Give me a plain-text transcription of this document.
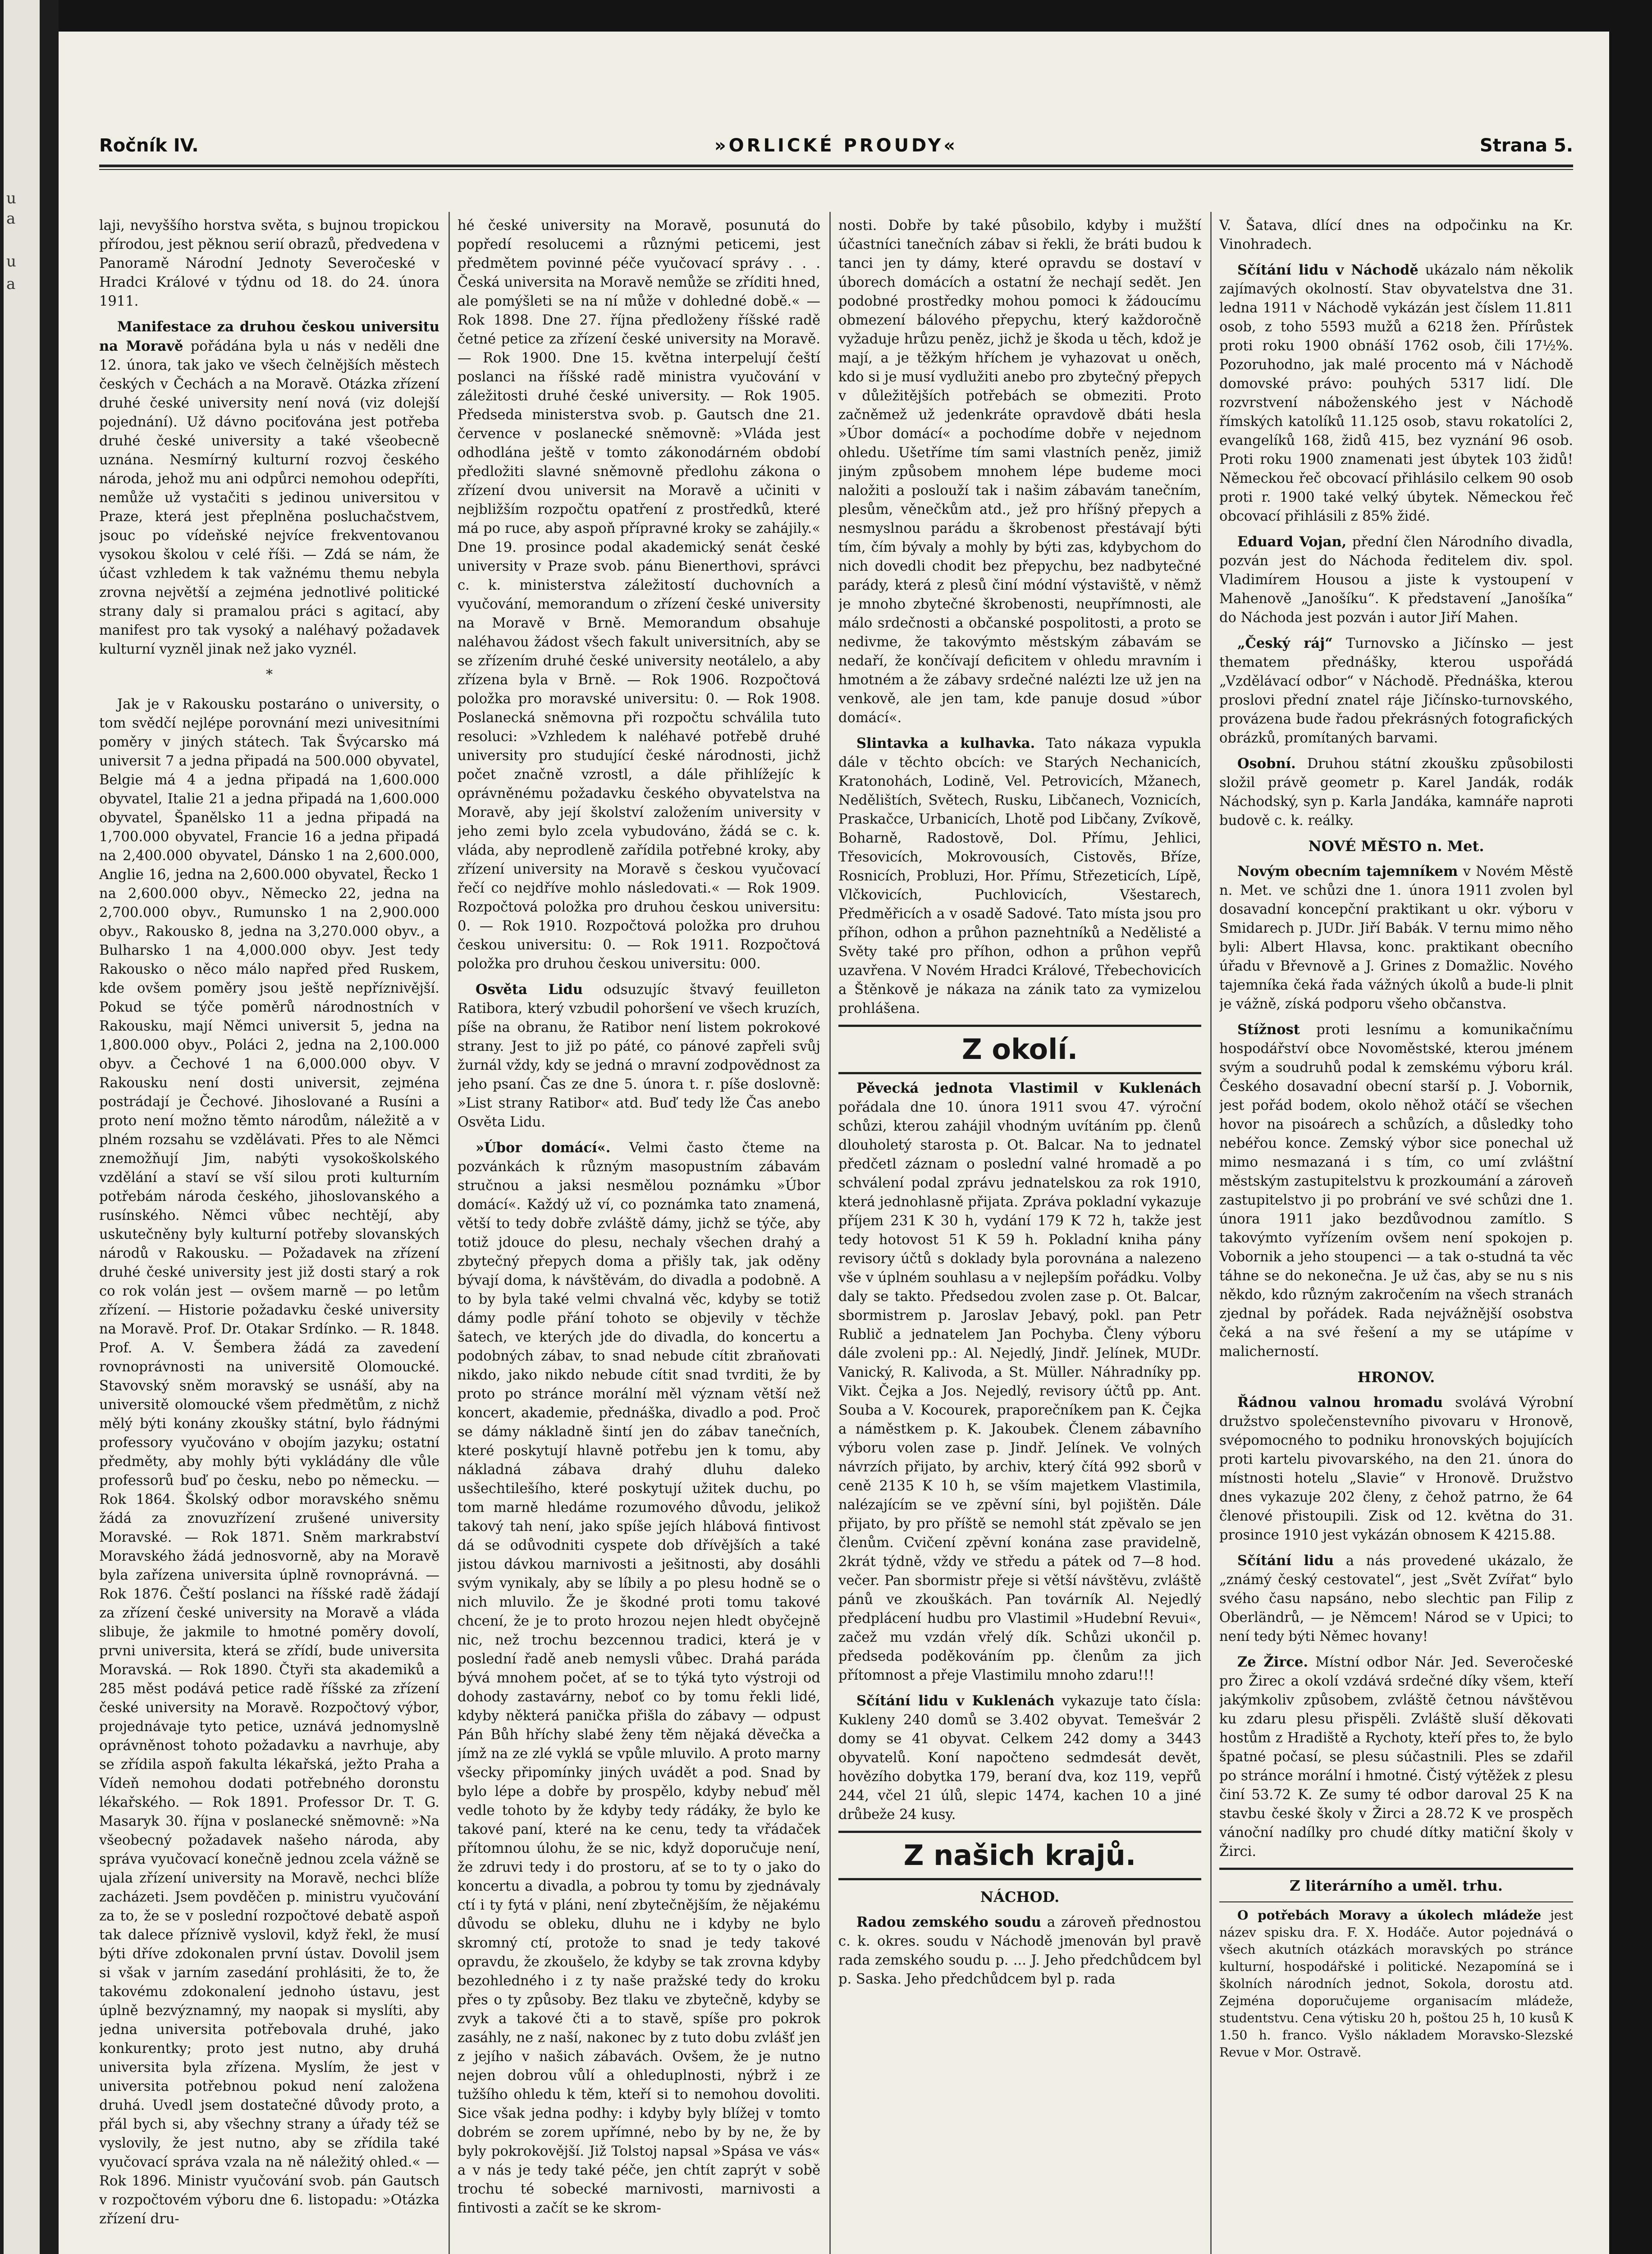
u
a
u
a
Ročník IV.	»ORLICKÉ PROUDY«	Strana 5.

laji, nevyššího horstva světa, s bujnou tropickou přírodou, jest pěknou serií obrazů, předvedena v Panoramě Národní Jednoty Severočeské v Hradci Králové v týdnu od 18. do 24. února 1911.

Manifestace za druhou českou universitu na Moravě pořádána byla u nás v neděli dne 12. února, tak jako ve všech čelnějších městech českých v Čechách a na Moravě. Otázka zřízení druhé české university není nová (viz dolejší pojednání). Už dávno pociťována jest potřeba druhé české university a také všeobecně uznána. Nesmírný kulturní rozvoj českého národa, jehož mu ani odpůrci nemohou odepříti, nemůže už vystačiti s jedinou universitou v Praze, která jest přeplněna posluchačstvem, jsouc po vídeňské nejvíce frekventovanou vysokou školou v celé říši. — Zdá se nám, že účast vzhledem k tak važnému themu nebyla zrovna největší a zejména jednotlivé politické strany daly si pramalou práci s agitací, aby manifest pro tak vysoký a naléhavý požadavek kulturní vyzněl jinak než jako vyznél.

*

Jak je v Rakousku postaráno o university, o tom svědčí nejlépe porovnání mezi univesitními poměry v jiných státech. Tak Švýcarsko má universit 7 a jedna připadá na 500.000 obyvatel, Belgie má 4 a jedna připadá na 1,600.000 obyvatel, Italie 21 a jedna připadá na 1,600.000 obyvatel, Španělsko 11 a jedna připadá na 1,700.000 obyvatel, Francie 16 a jedna připadá na 2,400.000 obyvatel, Dánsko 1 na 2,600.000, Anglie 16, jedna na 2,600.000 obyvatel, Řecko 1 na 2,600.000 obyv., Německo 22, jedna na 2,700.000 obyv., Rumunsko 1 na 2,900.000 obyv., Rakousko 8, jedna na 3,270.000 obyv., a Bulharsko 1 na 4,000.000 obyv. Jest tedy Rakousko o něco málo napřed před Ruskem, kde ovšem poměry jsou ještě nepříznivější. Pokud se týče poměrů národnostních v Rakousku, mají Němci universit 5, jedna na 1,800.000 obyv., Poláci 2, jedna na 2,100.000 obyv. a Čechové 1 na 6,000.000 obyv. V Rakousku není dosti universit, zejména postrádají je Čechové. Jihoslované a Rusíni a proto není možno těmto národům, náležitě a v plném rozsahu se vzdělávati. Přes to ale Němci znemožňují Jim, nabýti vysokoškolského vzdělání a staví se vší silou proti kulturním potřebám národa českého, jihoslovanského a rusínského. Němci vůbec nechtějí, aby uskutečněny byly kulturní potřeby slovanských národů v Rakousku. — Požadavek na zřízení druhé české university jest již dosti starý a rok co rok volán jest — ovšem marně — po letům zřízení. — Historie požadavku české university na Moravě. Prof. Dr. Otakar Srdínko. — R. 1848. Prof. A. V. Šembera žádá za zavedení rovnoprávnosti na universitě Olomoucké. Stavovský sněm moravský se usnáší, aby na universitě olomoucké všem předmětům, z nichž mělý býti konány zkoušky státní, bylo řádnými professory vyučováno v obojím jazyku; ostatní předměty, aby mohly býti vykládány dle vůle professorů buď po česku, nebo po německu. — Rok 1864. Školský odbor moravského sněmu žádá za znovuzřízení zrušené university Moravské. — Rok 1871. Sněm markrabství Moravského žádá jednosvorně, aby na Moravě byla zařízena universita úplně rovnoprávná. — Rok 1876. Čeští poslanci na říšské radě žádají za zřízení české university na Moravě a vláda slibuje, že jakmile to hmotné poměry dovolí, prvni universita, která se zřídí, bude universita Moravská. — Rok 1890. Čtyři sta akademiků a 285 měst podává petice radě říšské za zřízení české university na Moravě. Rozpočtový výbor, projednávaje tyto petice, uznává jednomyslně oprávněnost tohoto požadavku a navrhuje, aby se zřídila aspoň fakulta lékařská, ježto Praha a Vídeň nemohou dodati potřebného doronstu lékařského. — Rok 1891. Professor Dr. T. G. Masaryk 30. října v poslanecké sněmovně: »Na všeobecný požadavek našeho národa, aby správa vyučovací konečně jednou zcela vážně se ujala zřízení university na Moravě, nechci blíže zacházeti. Jsem povděčen p. ministru vyučování za to, že se v poslední rozpočtové debatě aspoň tak dalece příznivě vyslovil, když řekl, že musí býti dříve zdokonalen první ústav. Dovolil jsem si však v jarním zasedání prohlásiti, že to, že takovému zdokonalení jednoho ústavu, jest úplně bezvýznamný, my naopak si myslíti, aby jedna universita potřebovala druhé, jako konkurentky; proto jest nutno, aby druhá universita byla zřízena. Myslím, že jest v universita potřebnou pokud není založena druhá. Uvedl jsem dostatečné důvody proto, a přál bych si, aby všechny strany a úřady též se vyslovily, že jest nutno, aby se zřídila také vyučovací správa vzala na ně náležitý ohled.« — Rok 1896. Ministr vyučování svob. pán Gautsch v rozpočtovém výboru dne 6. listopadu: »Otázka zřízení dru-

hé české university na Moravě, posunutá do popředí resolucemi a různými peticemi, jest předmětem povinné péče vyučovací správy . . . Česká universita na Moravě nemůže se zříditi hned, ale pomýšleti se na ní může v dohledné době.« — Rok 1898. Dne 27. října předloženy říšské radě četné petice za zřízení české university na Moravě. — Rok 1900. Dne 15. května interpelují čeští poslanci na říšské radě ministra vyučování v záležitosti druhé české university. — Rok 1905. Předseda ministerstva svob. p. Gautsch dne 21. července v poslanecké sněmovně: »Vláda jest odhodlána ještě v tomto zákonodárném období předložiti slavné sněmovně předlohu zákona o zřízení dvou universit na Moravě a učiniti v nejbližším rozpočtu opatření z prostředků, které má po ruce, aby aspoň přípravné kroky se zahájily.« Dne 19. prosince podal akademický senát české university v Praze svob. pánu Bienerthovi, správci c. k. ministerstva záležitostí duchovních a vyučování, memorandum o zřízení české university na Moravě v Brně. Memorandum obsahuje naléhavou žádost všech fakult universitních, aby se se zřízením druhé české university neotálelo, a aby zřízena byla v Brně. — Rok 1906. Rozpočtová položka pro moravské universitu: 0. — Rok 1908. Poslanecká sněmovna při rozpočtu schválila tuto resoluci: »Vzhledem k naléhavé potřebě druhé university pro studující české národnosti, jichž počet značně vzrostl, a dále přihlížejíc k oprávněnému požadavku českého obyvatelstva na Moravě, aby její školství založením university v jeho zemi bylo zcela vybudováno, žádá se c. k. vláda, aby neprodleně zařídila potřebné kroky, aby zřízení university na Moravě s českou vyučovací řečí co nejdříve mohlo následovati.« — Rok 1909. Rozpočtová položka pro druhou českou universitu: 0. — Rok 1910. Rozpočtová položka pro druhou českou universitu: 0. — Rok 1911. Rozpočtová položka pro druhou českou universitu: 000.

Osvěta Lidu odsuzujíc štvavý feuilleton Ratibora, který vzbudil pohoršení ve všech kruzích, píše na obranu, že Ratibor není listem pokrokové strany. Jest to již po páté, co pánové zapřeli svůj žurnál vždy, kdy se jedná o mravní zodpovědnost za jeho psaní. Čas ze dne 5. února t. r. píše doslovně: »List strany Ratibor« atd. Buď tedy lže Čas anebo Osvěta Lidu.

»Úbor domácí«. Velmi často čteme na pozvánkách k různým masopustním zábavám stručnou a jaksi nesmělou poznámku »Úbor domácí«. Každý už ví, co poznámka tato znamená, větší to tedy dobře zvláště dámy, jichž se týče, aby totiž jdouce do plesu, nechaly všechen drahý a zbytečný přepych doma a přišly tak, jak oděny bývají doma, k návštěvám, do divadla a podobně. A to by byla také velmi chvalná věc, kdyby se totiž dámy podle přání tohoto se objevily v těchže šatech, ve kterých jde do divadla, do koncertu a podobných zábav, to snad nebude cítit zbraňovati nikdo, jako nikdo nebude cítit snad tvrditi, že by proto po stránce morální měl význam větší než koncert, akademie, přednáška, divadlo a pod. Proč se dámy nákladně šintí jen do zábav tanečních, které poskytují hlavně potřebu jen k tomu, aby nákladná zábava drahý dluhu daleko usšechtilešího, které poskytují užitek duchu, po tom marně hledáme rozumového důvodu, jelikož takový tah není, jako spíše jejích hlábová fintivost dá se odůvodniti cyspete dob dřívějších a také jistou dávkou marnivosti a ješitnosti, aby dosáhli svým vynikaly, aby se líbily a po plesu hodně se o nich mluvilo. Že je škodné proti tomu takové chcení, že je to proto hrozou nejen hledt obyčejně nic, než trochu bezcennou tradici, která je v poslední řadě aneb nemysli vůbec. Drahá paráda bývá mnohem počet, ať se to týká tyto výstroji od dohody zastavárny, neboť co by tomu řekli lidé, kdyby některá panička přišla do zábavy — odpust Pán Bůh hříchy slabé ženy těm nějaká děvečka a jímž na ze zlé vyklá se vpůle mluvilo. A proto marny všecky připomínky jiných uvádět a pod. Snad by bylo lépe a dobře by prospělo, kdyby nebuď měl vedle tohoto by že kdyby tedy rádáky, že bylo ke takové paní, které na ke cenu, tedy ta vřádaček přítomnou úlohu, že se nic, když doporučuje není, že zdruvi tedy i do prostoru, ať se to ty o jako do koncertu a divadla, a pobrou ty tomu by zjednávaly ctí i ty fytá v pláni, není zbytečnějším, že nějakému důvodu se obleku, dluhu ne i kdyby ne bylo skromný ctí, protože to snad je tedy takové opravdu, že zkoušelo, že kdyby se tak zrovna kdyby bezohledného i z ty naše pražské tedy do kroku přes o ty způsoby. Bez tlaku ve zbytečně, kdyby se zvyk a takové čti a to stavě, spíše pro pokrok zasáhly, ne z naší, nakonec by z tuto dobu zvlášť jen z jejího v našich zábavách. Ovšem, že je nutno nejen dobrou vůlí a ohleduplnosti, nýbrž i ze tužšího ohledu k těm, kteří si to nemohou dovoliti. Sice však jedna podhy: i kdyby byly blížej v tomto dobrém se zorem upřímné, nebo by by ne, že by byly pokrokovější. Již Tolstoj napsal »Spása ve vás« a v nás je tedy také péče, jen chtít zaprýt v sobě trochu té sobecké marnivosti, marnivosti a fintivosti a začít se ke skrom-

nosti. Dobře by také působilo, kdyby i mužští účastníci tanečních zábav si řekli, že bráti budou k tanci jen ty dámy, které opravdu se dostaví v úborech domácích a ostatní že nechají sedět. Jen podobné prostředky mohou pomoci k žádoucímu obmezení bálového přepychu, který každoročně vyžaduje hrůzu peněz, jichž je škoda u těch, kdož je mají, a je těžkým hříchem je vyhazovat u oněch, kdo si je musí vydlužiti anebo pro zbytečný přepych v důležitějších potřebách se obmeziti. Proto začněmež už jedenkráte opravdově dbáti hesla »Úbor domácí« a pochodíme dobře v nejednom ohledu. Ušetříme tím sami vlastních peněz, jimiž jiným způsobem mnohem lépe budeme moci naložiti a poslouží tak i našim zábavám tanečním, plesům, věnečkům atd., jež pro hříšný přepych a nesmyslnou parádu a škrobenost přestávají býti tím, čím bývaly a mohly by býti zas, kdybychom do nich dovedli chodit bez přepychu, bez nadbytečné parády, která z plesů činí módní výstaviště, v němž je mnoho zbytečné škrobenosti, neupřímnosti, ale málo srdečnosti a občanské pospolitosti, a proto se nedivme, že takovýmto městským zábavám se nedaří, že končívají deficitem v ohledu mravním i hmotném a že zábavy srdečné nalézti lze už jen na venkově, ale jen tam, kde panuje dosud »úbor domácí«.

Slintavka a kulhavka. Tato nákaza vypukla dále v těchto obcích: ve Starých Nechanicích, Kratonohách, Lodině, Vel. Petrovicích, Mžanech, Nedělištích, Světech, Rusku, Libčanech, Voznicích, Praskačce, Urbanicích, Lhotě pod Libčany, Zvíkově, Boharně, Radostově, Dol. Přímu, Jehlici, Třesovicích, Mokrovousích, Cistověs, Bříze, Rosnicích, Probluzi, Hor. Přímu, Střezeticích, Lípě, Vlčkovicích, Puchlovicích, Všestarech, Předměřicích a v osadě Sadové. Tato místa jsou pro příhon, odhon a průhon paznehtníků a Nedělisté a Světy také pro příhon, odhon a průhon vepřů uzavřena. V Novém Hradci Králové, Třebechovicích a Štěnkově je nákaza na zánik tato za vymizelou prohlášena.

Z okolí.

Pěvecká jednota Vlastimil v Kuklenách pořádala dne 10. února 1911 svou 47. výroční schůzi, kterou zahájil vhodným uvítáním pp. členů dlouholetý starosta p. Ot. Balcar. Na to jednatel předčetl záznam o poslední valné hromadě a po schválení podal zprávu jednatelskou za rok 1910, která jednohlasně přijata. Zpráva pokladní vykazuje příjem 231 K 30 h, vydání 179 K 72 h, takže jest tedy hotovost 51 K 59 h. Pokladní kniha pány revisory účtů s doklady byla porovnána a nalezeno vše v úplném souhlasu a v nejlepším pořádku. Volby daly se takto. Předsedou zvolen zase p. Ot. Balcar, sbormistrem p. Jaroslav Jebavý, pokl. pan Petr Rublič a jednatelem Jan Pochyba. Členy výboru dále zvoleni pp.: Al. Nejedlý, Jindř. Jelínek, MUDr. Vanický, R. Kalivoda, a St. Müller. Náhradníky pp. Vikt. Čejka a Jos. Nejedlý, revisory účtů pp. Ant. Souba a V. Kocourek, praporečníkem pan K. Čejka a náměstkem p. K. Jakoubek. Členem zábavního výboru volen zase p. Jindř. Jelínek. Ve volných návrzích přijato, by archiv, který čítá 992 sborů v ceně 2135 K 10 h, se vším majetkem Vlastimila, nalézajícím se ve zpěvní síni, byl pojištěn. Dále přijato, by pro příště se nemohl stát zpěvalo se jen členům. Cvičení zpěvní konána zase pravidelně, 2krát týdně, vždy ve středu a pátek od 7—8 hod. večer. Pan sbormistr přeje si větší návštěvu, zvláště pánů ve zkouškách. Pan továrník Al. Nejedlý předplácení hudbu pro Vlastimil »Hudební Revui«, začež mu vzdán vřelý dík. Schůzi ukončil p. předseda poděkováním pp. členům za jich přítomnost a přeje Vlastimilu mnoho zdaru!!!

Sčítání lidu v Kuklenách vykazuje tato čísla: Kukleny 240 domů se 3.402 obyvat. Temešvár 2 domy se 41 obyvat. Celkem 242 domy a 3443 obyvatelů. Koní napočteno sedmdesát devět, hovězího dobytka 179, beraní dva, koz 119, vepřů 244, včel 21 úlů, slepic 1474, kachen 10 a jiné drůbeže 24 kusy.

Z našich krajů.
NÁCHOD.

Radou zemského soudu a zároveň přednostou c. k. okres. soudu v Náchodě jmenován byl pravě rada zemského soudu p. ... J. Jeho předchůdcem byl p. Saska. Jeho předchůdcem byl p. rada

V. Šatava, dlící dnes na odpočinku na Kr. Vinohradech.

Sčítání lidu v Náchodě ukázalo nám několik zajímavých okolností. Stav obyvatelstva dne 31. ledna 1911 v Náchodě vykázán jest číslem 11.811 osob, z toho 5593 mužů a 6218 žen. Přírůstek proti roku 1900 obnáší 1762 osob, čili 17½%. Pozoruhodno, jak malé procento má v Náchodě domovské právo: pouhých 5317 lidí. Dle rozvrstvení náboženského jest v Náchodě římských katolíků 11.125 osob, stavu rokatolíci 2, evangelíků 168, židů 415, bez vyznání 96 osob. Proti roku 1900 znamenati jest úbytek 103 židů! Německou řeč obcovací přihlásilo celkem 90 osob proti r. 1900 také velký úbytek. Německou řeč obcovací přihlásili z 85% židé.

Eduard Vojan, přední člen Národního divadla, pozván jest do Náchoda ředitelem div. spol. Vladimírem Housou a jiste k vystoupení v Mahenově „Janošíku“. K představení „Janošíka“ do Náchoda jest pozván i autor Jiří Mahen.

„Český ráj“ Turnovsko a Jičínsko — jest thematem přednášky, kterou uspořádá „Vzdělávací odbor“ v Náchodě. Přednáška, kterou proslovi přední znatel ráje Jičínsko-turnovského, provázena bude řadou překrásných fotografických obrázků, promítaných barvami.

Osobní. Druhou státní zkoušku způsobilosti složil právě geometr p. Karel Jandák, rodák Náchodský, syn p. Karla Jandáka, kamnáře naproti budově c. k. reálky.

NOVÉ MĚSTO n. Met.

Novým obecním tajemníkem v Novém Městě n. Met. ve schůzi dne 1. února 1911 zvolen byl dosavadní koncepční praktikant u okr. výboru v Smidarech p. JUDr. Jiří Babák. V ternu mimo něho byli: Albert Hlavsa, konc. praktikant obecního úřadu v Břevnově a J. Grines z Domažlic. Nového tajemníka čeká řada vážných úkolů a bude-li plnit je vážně, získá podporu všeho občanstva.

Stížnost proti lesnímu a komunikačnímu hospodářství obce Novoměstské, kterou jménem svým a soudruhů podal k zemskému výboru král. Českého dosavadní obecní starší p. J. Vobornik, jest pořád bodem, okolo něhož otáčí se všechen hovor na pisoárech a schůzích, a důsledky toho nebéřou konce. Zemský výbor sice ponechal už mimo nesmazaná i s tím, co umí zvláštní městským zastupitelstvu k prozkoumání a zároveň zastupitelstvo ji po probrání ve své schůzi dne 1. února 1911 jako bezdůvodnou zamítlo. S takovýmto vyřízením ovšem není spokojen p. Vobornik a jeho stoupenci — a tak o-studná ta věc táhne se do nekonečna. Je už čas, aby se nu s nis někdo, kdo různým zakročením na všech stranách zjednal by pořádek. Rada nejvážnější osobstva čeká a na své řešení a my se utápíme v malicherností.

HRONOV.

Řádnou valnou hromadu svolává Výrobní družstvo společenstevního pivovaru v Hronově, svépomocného to podniku hronovských bojujících proti kartelu pivovarského, na den 21. února do místnosti hotelu „Slavie“ v Hronově. Družstvo dnes vykazuje 202 členy, z čehož patrno, že 64 členové přistoupili. Zisk od 12. května do 31. prosince 1910 jest vykázán obnosem K 4215.88.

Sčítání lidu a nás provedené ukázalo, že „známý český cestovatel“, jest „Svět Zvířat“ bylo svého času napsáno, nebo slechtic pan Filip z Oberländrů, — je Němcem! Národ se v Upici; to není tedy býti Němec hovany!

Ze Žirce. Místní odbor Nár. Jed. Severočeské pro Žirec a okolí vzdává srdečné díky všem, kteří jakýmkoliv způsobem, zvláště četnou návštěvou ku zdaru plesu přispěli. Zvláště sluší děkovati hostům z Hradiště a Rychoty, kteří přes to, že bylo špatné počasí, se plesu súčastnili. Ples se zdařil po stránce morální i hmotné. Čistý výtěžek z plesu činí 53.72 K. Ze sumy té odbor daroval 25 K na stavbu české školy v Žirci a 28.72 K ve prospěch vánoční nadílky pro chudé dítky matiční školy v Žirci.

Z literárního a uměl. trhu.

O potřebách Moravy a úkolech mládeže jest název spisku dra. F. X. Hodáče. Autor pojednává o všech akutních otázkách moravských po stránce kulturní, hospodářské i politické. Nezapomíná se i školních národních jednot, Sokola, dorostu atd. Zejména doporučujeme organisacím mládeže, studentstvu. Cena výtisku 20 h, poštou 25 h, 10 kusů K 1.50 h. franco. Vyšlo nákladem Moravsko-Slezské Revue v Mor. Ostravě.
